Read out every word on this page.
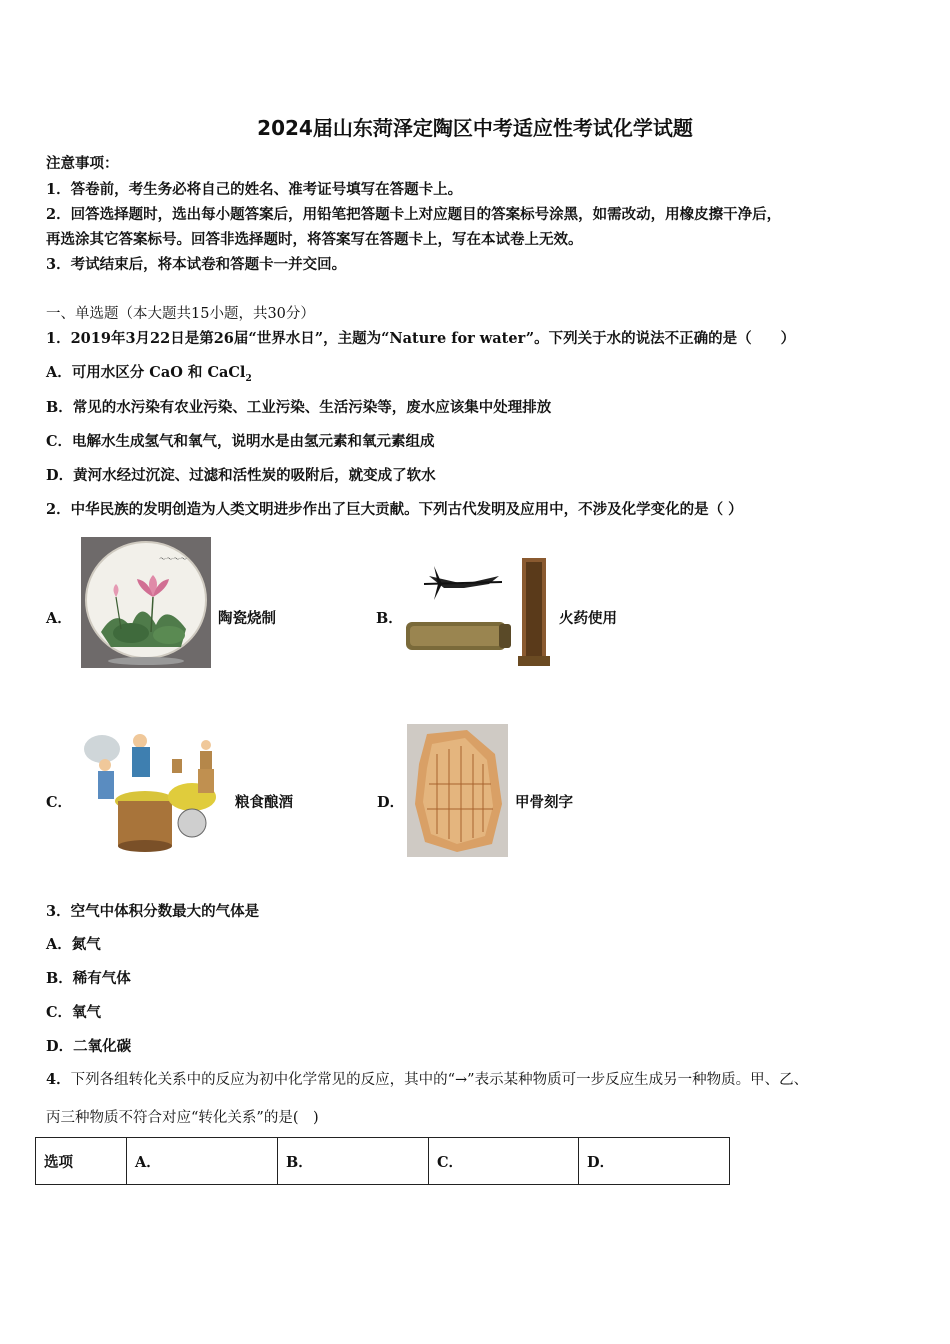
2024届山东菏泽定陶区中考适应性考试化学试题
注意事项：
1．答卷前，考生务必将自己的姓名、准考证号填写在答题卡上。
2．回答选择题时，选出每小题答案后，用铅笔把答题卡上对应题目的答案标号涂黑，如需改动，用橡皮擦干净后，
再选涂其它答案标号。回答非选择题时，将答案写在答题卡上，写在本试卷上无效。
3．考试结束后，将本试卷和答题卡一并交回。
一、单选题（本大题共15小题，共30分）
1．2019年3月22日是第26届“世界水日”，主题为“Nature for water”。下列关于水的说法不正确的是（　　）
A．可用水区分 CaO 和 CaCl$_2$
B．常见的水污染有农业污染、工业污染、生活污染等，废水应该集中处理排放
C．电解水生成氢气和氧气，说明水是由氢元素和氧元素组成
D．黄河水经过沉淀、过滤和活性炭的吸附后，就变成了软水
2．中华民族的发明创造为人类文明进步作出了巨大贡献。下列古代发明及应用中，不涉及化学变化的是（ ）
A．
～～～～
陶瓷烧制	B．	火药使用
C．	粮食酿酒	D．	甲骨刻字
3．空气中体积分数最大的气体是
A．氮气
B．稀有气体
C．氧气
D．二氧化碳
4．下列各组转化关系中的反应为初中化学常见的反应，其中的“→”表示某种物质可一步反应生成另一种物质。甲、乙、
丙三种物质不符合对应“转化关系”的是(　)
选项	A．	B．	C．	D．
